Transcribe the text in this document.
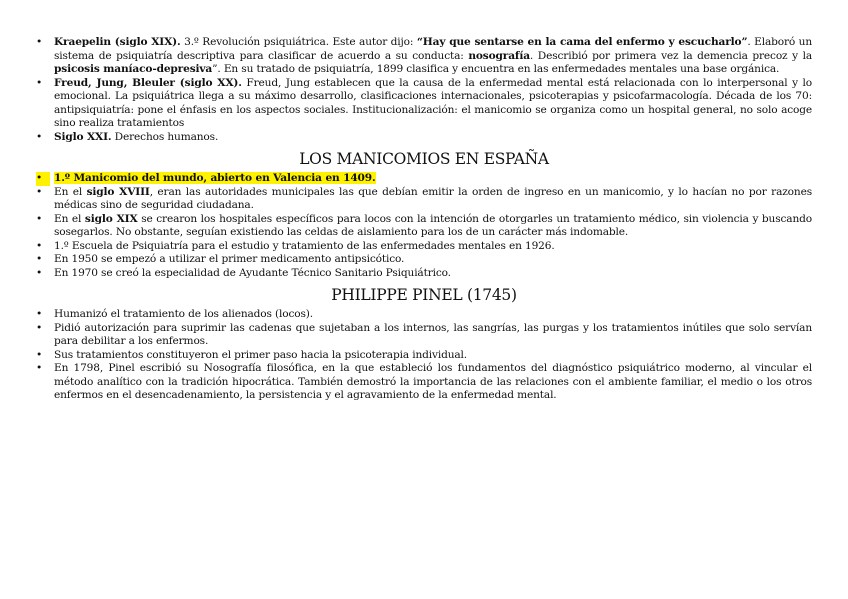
•	Kraepelin (siglo XIX). 3.º Revolución psiquiátrica. Este autor dijo: “Hay que sentarse en la cama del enfermo y escucharlo”. Elaboró un sistema de psiquiatría descriptiva para clasificar de acuerdo a su conducta: nosografía. Describió por primera vez la demencia precoz y la psicosis maníaco-depresiva”. En su tratado de psiquiatría, 1899 clasifica y encuentra en las enfermedades mentales una base orgánica.
•	Freud, Jung, Bleuler (siglo XX). Freud, Jung establecen que la causa de la enfermedad mental está relacionada con lo interpersonal y lo emocional. La psiquiátrica llega a su máximo desarrollo, clasificaciones internacionales, psicoterapias y psicofarmacología. Década de los 70: antipsiquiatría: pone el énfasis en los aspectos sociales. Institucionalización: el manicomio se organiza como un hospital general, no solo acoge sino realiza tratamientos
•	Siglo XXI. Derechos humanos.
LOS MANICOMIOS EN ESPAÑA
•	1.º Manicomio del mundo, abierto en Valencia en 1409.
•	En el siglo XVIII, eran las autoridades municipales las que debían emitir la orden de ingreso en un manicomio, y lo hacían no por razones médicas sino de seguridad ciudadana.
•	En el siglo XIX se crearon los hospitales específicos para locos con la intención de otorgarles un tratamiento médico, sin violencia y buscando sosegarlos. No obstante, seguían existiendo las celdas de aislamiento para los de un carácter más indomable.
•	1.º Escuela de Psiquiatría para el estudio y tratamiento de las enfermedades mentales en 1926.
•	En 1950 se empezó a utilizar el primer medicamento antipsicótico.
•	En 1970 se creó la especialidad de Ayudante Técnico Sanitario Psiquiátrico.
PHILIPPE PINEL (1745)
•	Humanizó el tratamiento de los alienados (locos).
•	Pidió autorización para suprimir las cadenas que sujetaban a los internos, las sangrías, las purgas y los tratamientos inútiles que solo servían para debilitar a los enfermos.
•	Sus tratamientos constituyeron el primer paso hacia la psicoterapia individual.
•	En 1798, Pinel escribió su Nosografía filosófica, en la que estableció los fundamentos del diagnóstico psiquiátrico moderno, al vincular el método analítico con la tradición hipocrática. También demostró la importancia de las relaciones con el ambiente familiar, el medio o los otros enfermos en el desencadenamiento, la persistencia y el agravamiento de la enfermedad mental.
